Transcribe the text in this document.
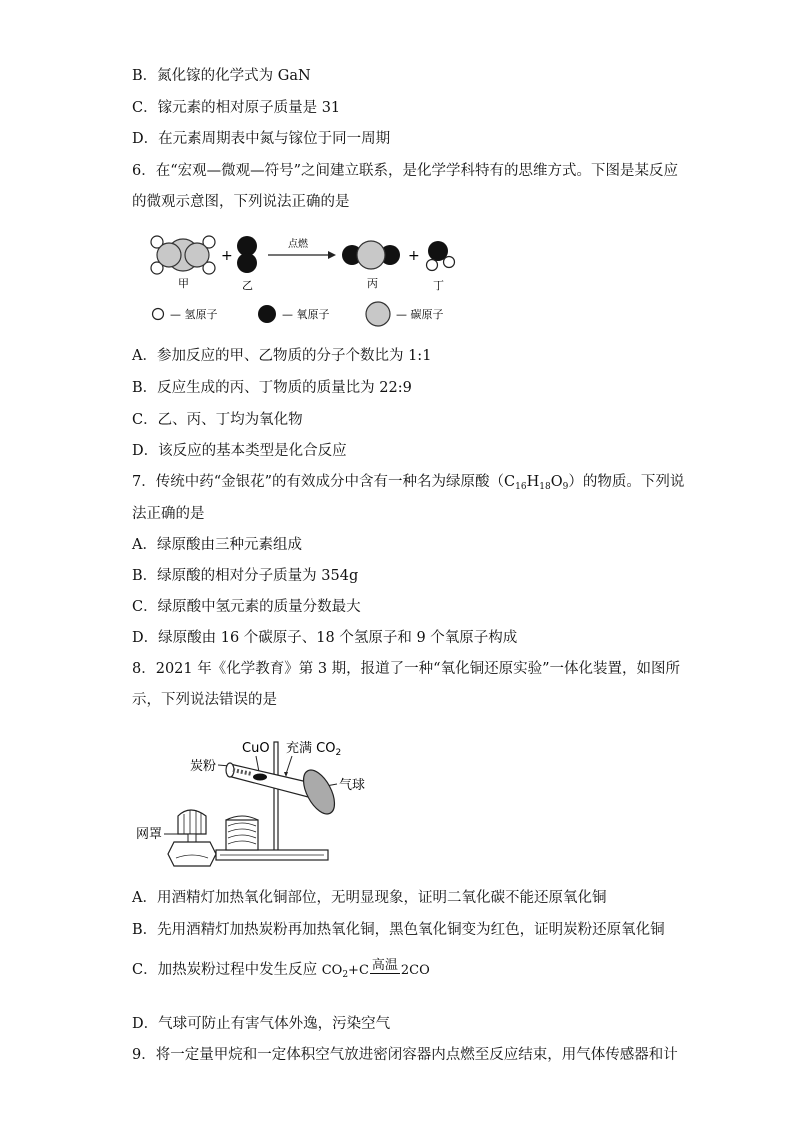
B．氮化镓的化学式为 GaN
C．镓元素的相对原子质量是 31
D．在元素周期表中氮与镓位于同一周期
6．在“宏观—微观—符号”之间建立联系，是化学学科特有的思维方式。下图是某反应
的微观示意图，下列说法正确的是
+
点燃
+
甲	乙	丙	丁
— 氢原子	— 氧原子	— 碳原子
A．参加反应的甲、乙物质的分子个数比为 1:1
B．反应生成的丙、丁物质的质量比为 22:9
C．乙、丙、丁均为氧化物
D．该反应的基本类型是化合反应
7．传统中药“金银花”的有效成分中含有一种名为绿原酸$(C_{16}H_{18}O_9)$的物质。下列说
法正确的是
A．绿原酸由三种元素组成
B．绿原酸的相对分子质量为 354g
C．绿原酸中氢元素的质量分数最大
D．绿原酸由 16 个碳原子、18 个氢原子和 9 个氧原子构成
8．2021 年《化学教育》第 3 期，报道了一种“氧化铜还原实验”一体化装置，如图所
示，下列说法错误的是
CuO 充满 $CO_2$
炭粉
气球
网罩
A．用酒精灯加热氧化铜部位，无明显现象，证明二氧化碳不能还原氧化铜
B．先用酒精灯加热炭粉再加热氧化铜，黑色氧化铜变为红色，证明炭粉还原氧化铜
C．加热炭粉过程中发生反应 $CO_2+C$ 高温 2CO
D．气球可防止有害气体外逸，污染空气
9．将一定量甲烷和一定体积空气放进密闭容器内点燃至反应结束，用气体传感器和计
